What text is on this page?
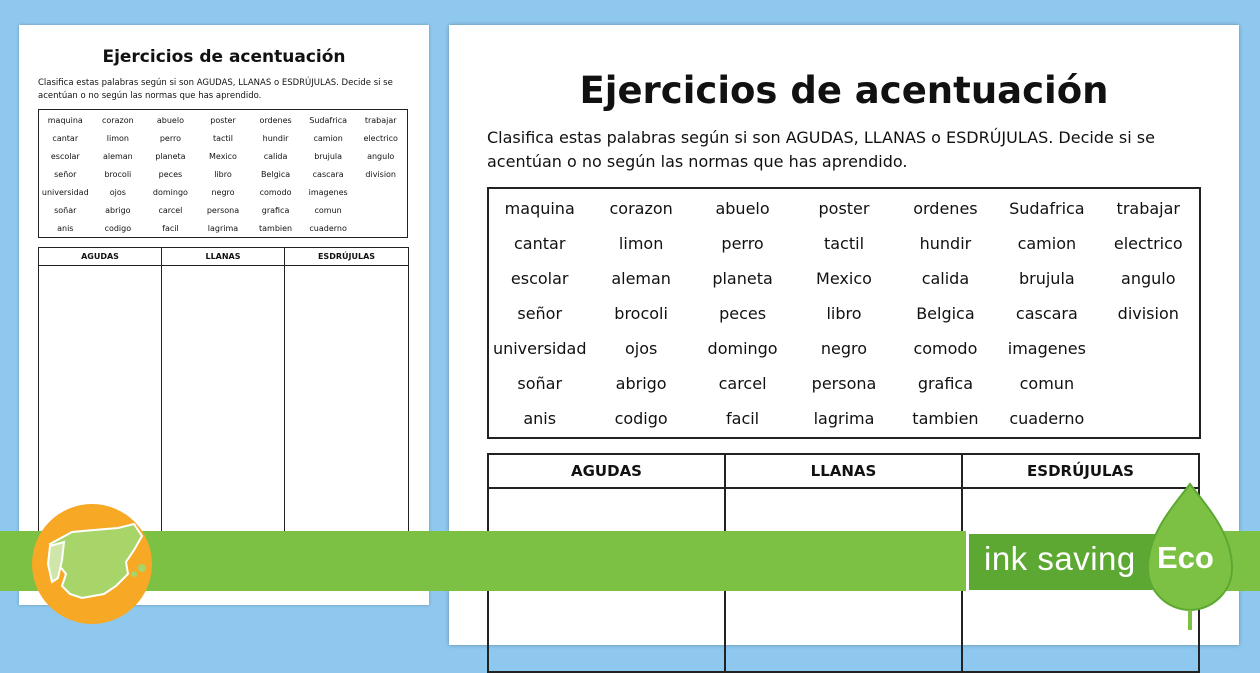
Ejercicios de acentuación
Clasifica estas palabras según si son AGUDAS, LLANAS o ESDRÚJULAS. Decide si se acentúan o no según las normas que has aprendido.
maquina	corazon	abuelo	poster	ordenes	Sudafrica	trabajar
cantar	limon	perro	tactil	hundir	camion	electrico
escolar	aleman	planeta	Mexico	calida	brujula	angulo
señor	brocoli	peces	libro	Belgica	cascara	division
universidad	ojos	domingo	negro	comodo	imagenes
soñar	abrigo	carcel	persona	grafica	comun
anis	codigo	facil	lagrima	tambien	cuaderno
AGUDAS	LLANAS	ESDRÚJULAS
Ejercicios de acentuación
Clasifica estas palabras según si son AGUDAS, LLANAS o ESDRÚJULAS. Decide si se acentúan o no según las normas que has aprendido.
maquina	corazon	abuelo	poster	ordenes	Sudafrica	trabajar
cantar	limon	perro	tactil	hundir	camion	electrico
escolar	aleman	planeta	Mexico	calida	brujula	angulo
señor	brocoli	peces	libro	Belgica	cascara	division
universidad	ojos	domingo	negro	comodo	imagenes
soñar	abrigo	carcel	persona	grafica	comun
anis	codigo	facil	lagrima	tambien	cuaderno
AGUDAS	LLANAS	ESDRÚJULAS
ink saving Eco
